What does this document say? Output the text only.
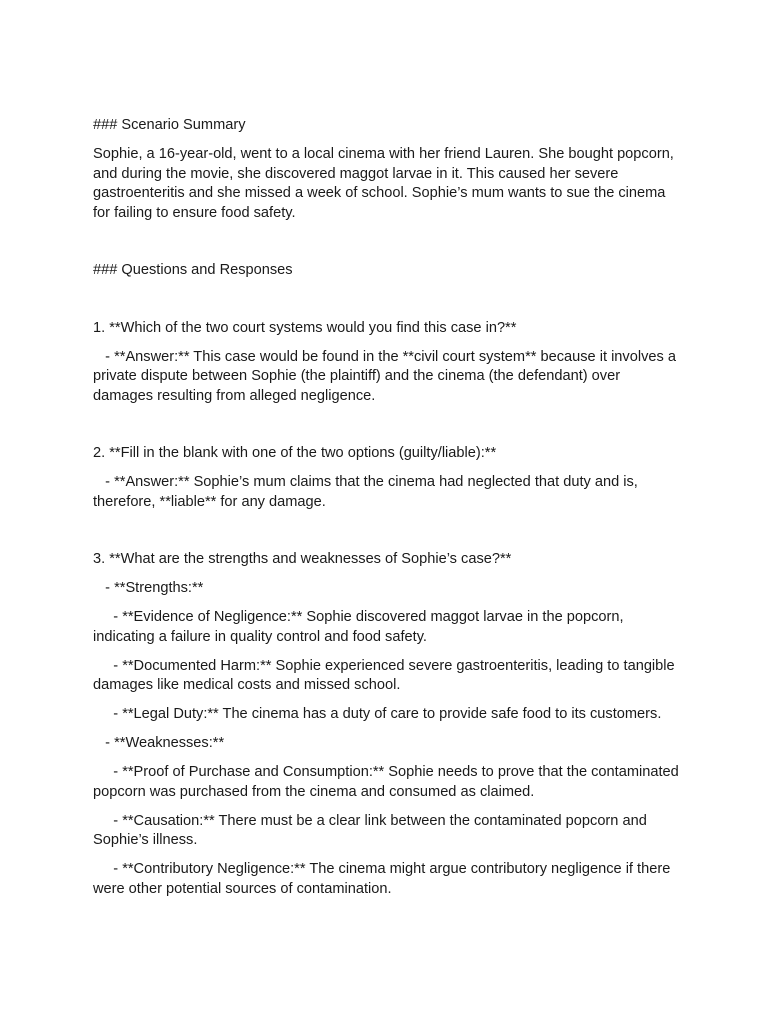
### Scenario Summary

Sophie, a 16-year-old, went to a local cinema with her friend Lauren. She bought popcorn, and during the movie, she discovered maggot larvae in it. This caused her severe gastroenteritis and she missed a week of school. Sophie’s mum wants to sue the cinema for failing to ensure food safety.

### Questions and Responses

1. **Which of the two court systems would you find this case in?**

- **Answer:** This case would be found in the **civil court system** because it involves a private dispute between Sophie (the plaintiff) and the cinema (the defendant) over damages resulting from alleged negligence.

2. **Fill in the blank with one of the two options (guilty/liable):**

- **Answer:** Sophie’s mum claims that the cinema had neglected that duty and is, therefore, **liable** for any damage.

3. **What are the strengths and weaknesses of Sophie’s case?**

- **Strengths:**

- **Evidence of Negligence:** Sophie discovered maggot larvae in the popcorn, indicating a failure in quality control and food safety.

- **Documented Harm:** Sophie experienced severe gastroenteritis, leading to tangible damages like medical costs and missed school.

- **Legal Duty:** The cinema has a duty of care to provide safe food to its customers.

- **Weaknesses:**

- **Proof of Purchase and Consumption:** Sophie needs to prove that the contaminated popcorn was purchased from the cinema and consumed as claimed.

- **Causation:** There must be a clear link between the contaminated popcorn and Sophie’s illness.

- **Contributory Negligence:** The cinema might argue contributory negligence if there were other potential sources of contamination.
